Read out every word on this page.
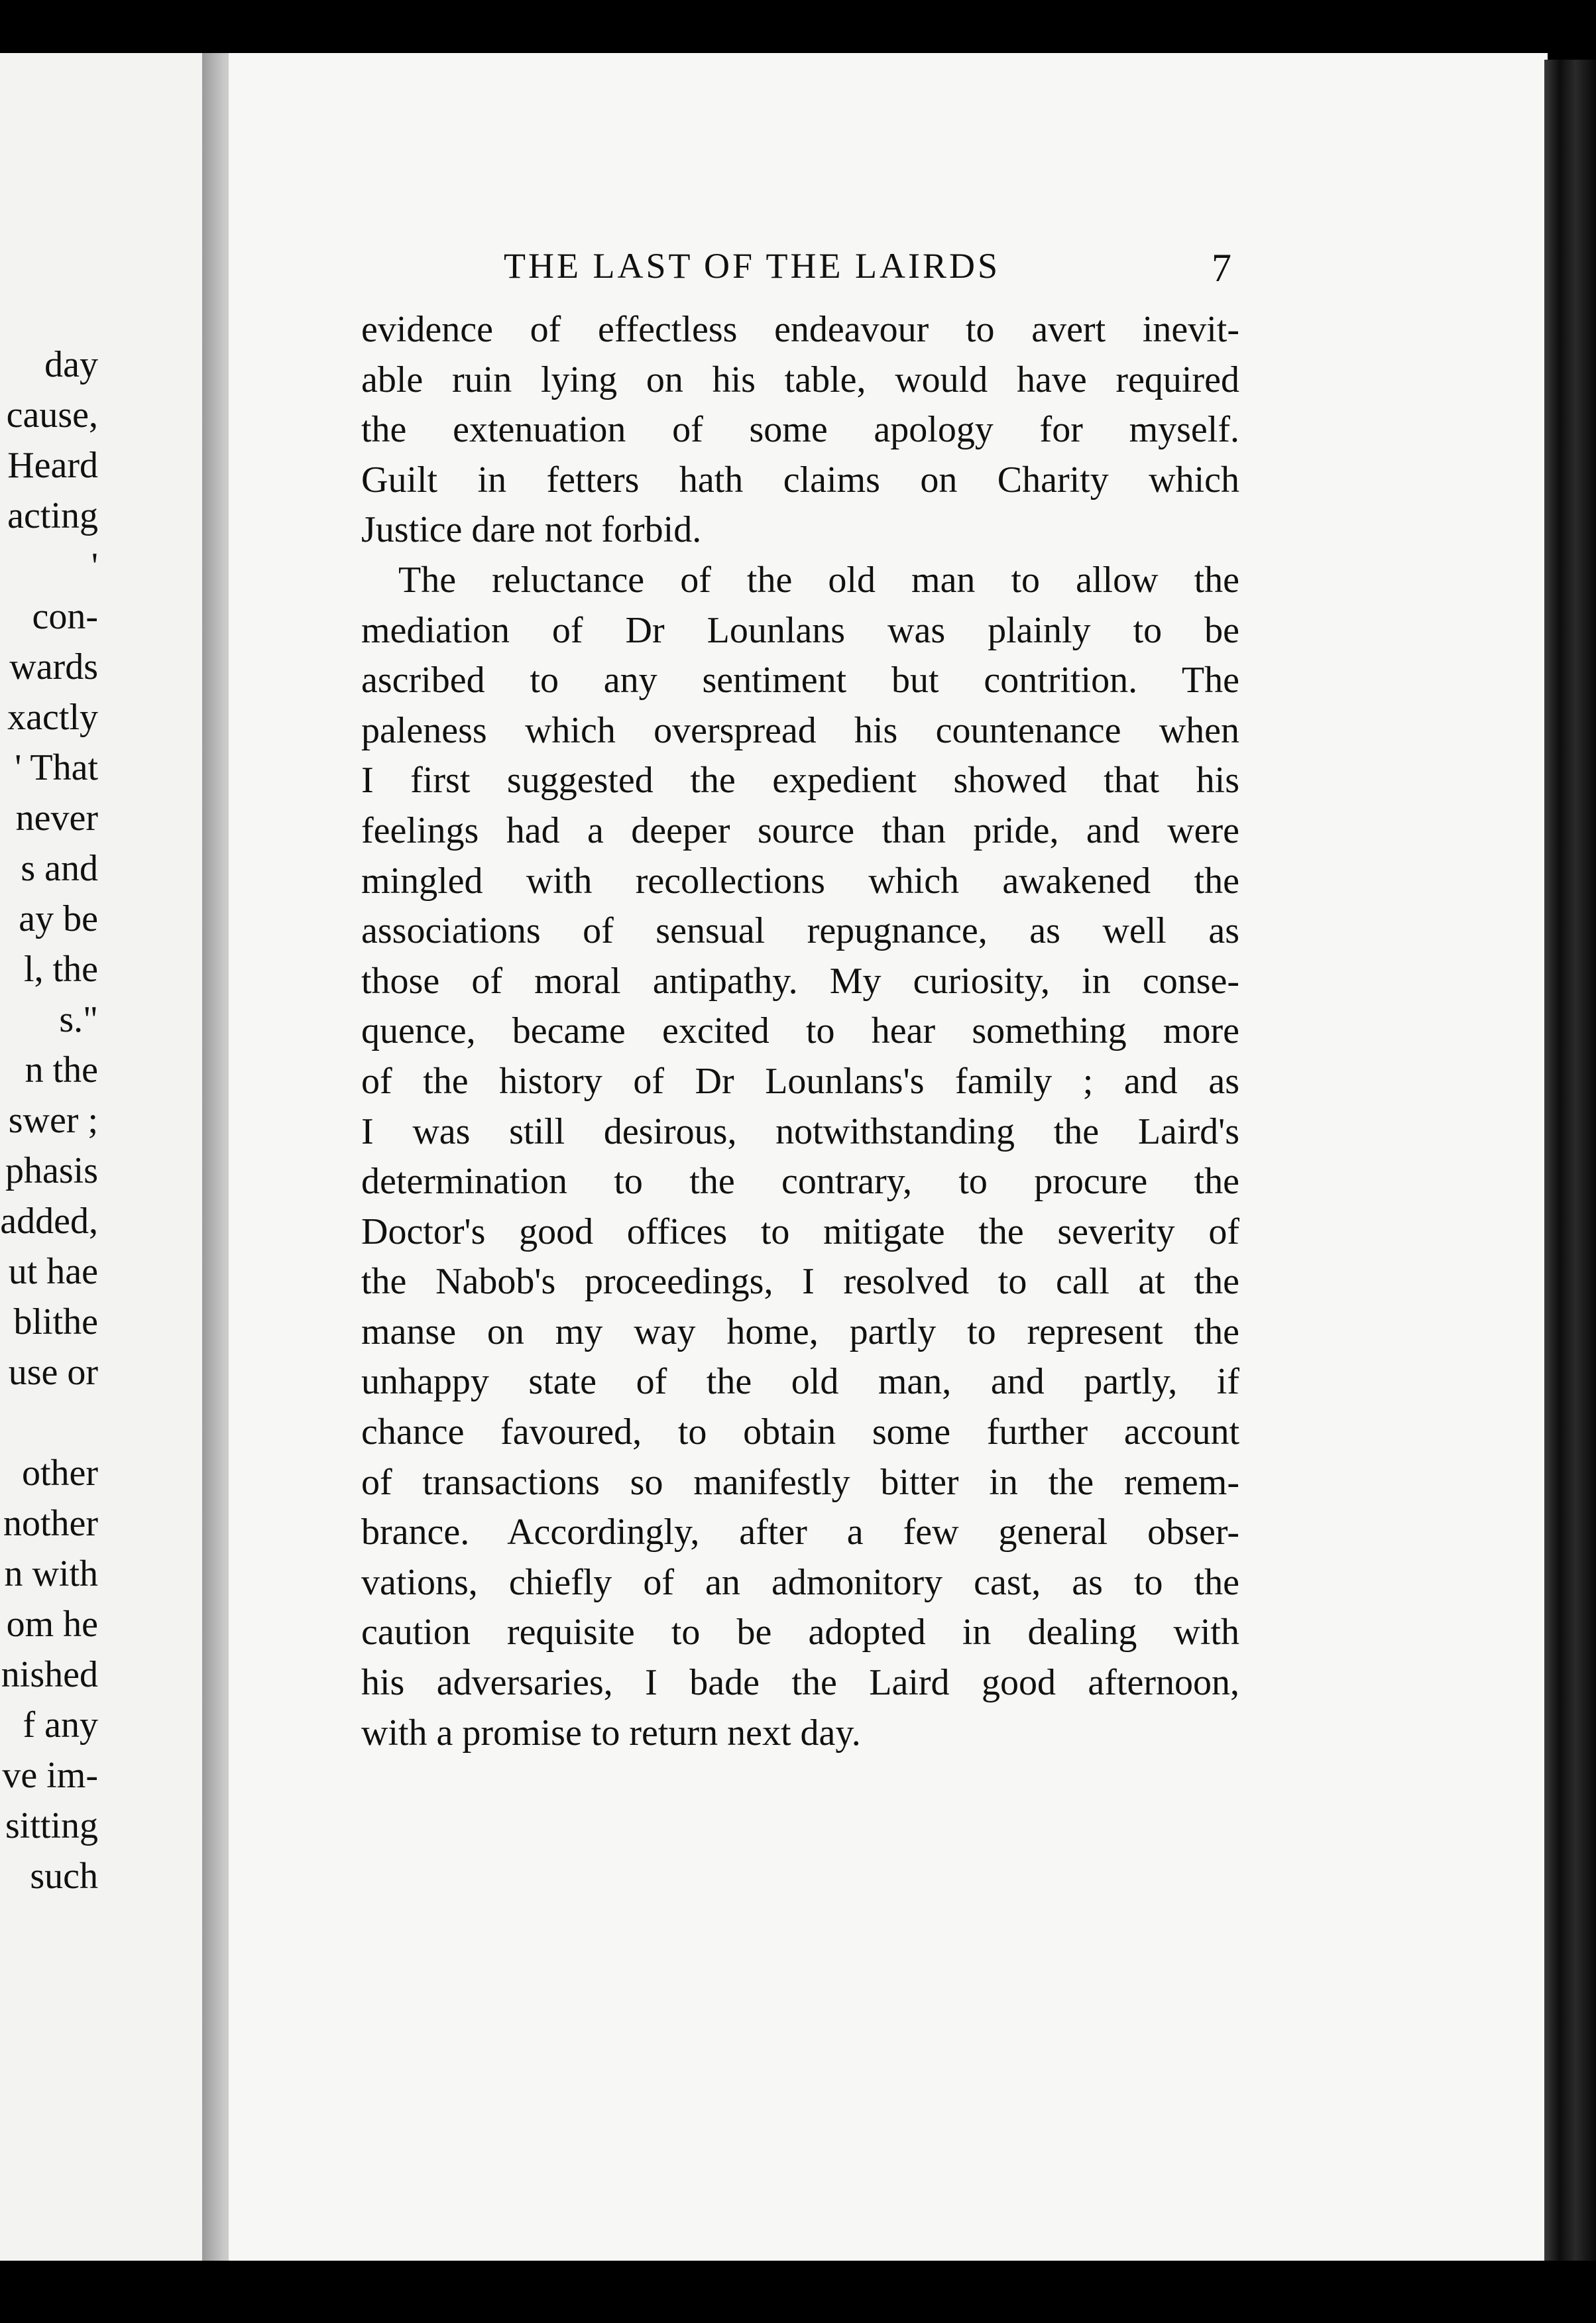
day
cause,
Heard
acting
'
con-
wards
xactly
' That
never
s and
ay be
l, the
s."
n the
swer ;
phasis
added,
ut hae
blithe
use or
other
nother
n with
om he
nished
f any
ve im-
sitting
such
THE LAST OF THE LAIRDS	7
evidence of effectless endeavour to avert inevit-
able ruin lying on his table, would have required
the extenuation of some apology for myself.
Guilt in fetters hath claims on Charity which
Justice dare not forbid.
The reluctance of the old man to allow the
mediation of Dr Lounlans was plainly to be
ascribed to any sentiment but contrition. The
paleness which overspread his countenance when
I first suggested the expedient showed that his
feelings had a deeper source than pride, and were
mingled with recollections which awakened the
associations of sensual repugnance, as well as
those of moral antipathy. My curiosity, in conse-
quence, became excited to hear something more
of the history of Dr Lounlans's family ; and as
I was still desirous, notwithstanding the Laird's
determination to the contrary, to procure the
Doctor's good offices to mitigate the severity of
the Nabob's proceedings, I resolved to call at the
manse on my way home, partly to represent the
unhappy state of the old man, and partly, if
chance favoured, to obtain some further account
of transactions so manifestly bitter in the remem-
brance. Accordingly, after a few general obser-
vations, chiefly of an admonitory cast, as to the
caution requisite to be adopted in dealing with
his adversaries, I bade the Laird good afternoon,
with a promise to return next day.
